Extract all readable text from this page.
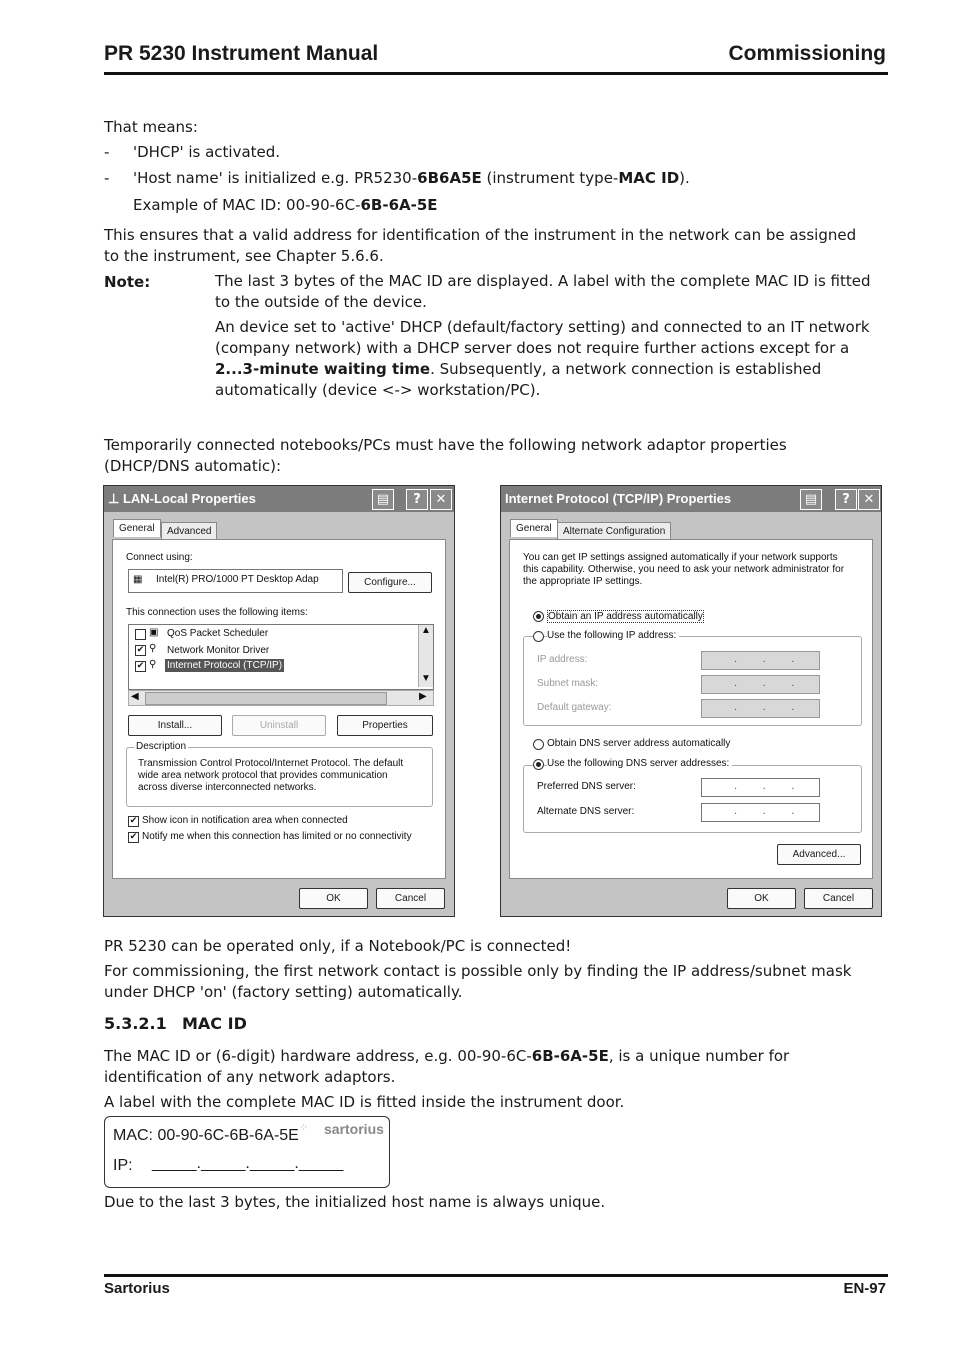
PR 5230 Instrument Manual	Commissioning
That means:
- 'DHCP' is activated.
- 'Host name' is initialized e.g. PR5230-6B6A5E (instrument type-MAC ID).
Example of MAC ID: 00-90-6C-6B-6A-5E
This ensures that a valid address for identification of the instrument in the network can be assigned to the instrument, see Chapter 5.6.6.
Note:	The last 3 bytes of the MAC ID are displayed. A label with the complete MAC ID is fitted to the outside of the device.
An device set to 'active' DHCP (default/factory setting) and connected to an IT network (company network) with a DHCP server does not require further actions except for a 2...3-minute waiting time. Subsequently, a network connection is established automatically (device <-> workstation/PC).
Temporarily connected notebooks/PCs must have the following network adaptor properties (DHCP/DNS automatic):
⊥ LAN-Local Properties	▤	?	✕
General	Advanced
Connect using:
▦ Intel(R) PRO/1000 PT Desktop Adap	Configure...
This connection uses the following items:
▣ QoS Packet Scheduler
✔ ⚲ Network Monitor Driver
✔ ⚲ Internet Protocol (TCP/IP)
▲
▼
◀	▶
Install...	Uninstall	Properties
Description
Transmission Control Protocol/Internet Protocol. The default wide area network protocol that provides communication across diverse interconnected networks.
✔ Show icon in notification area when connected
✔ Notify me when this connection has limited or no connectivity
OK	Cancel
Internet Protocol (TCP/IP) Properties	▤	?	✕
General	Alternate Configuration
You can get IP settings assigned automatically if your network supports this capability. Otherwise, you need to ask your network administrator for the appropriate IP settings.
Obtain an IP address automatically
IP address:	.        .        .
Subnet mask:	.        .        .
Default gateway:	.        .        .
Use the following IP address:
Obtain DNS server address automatically
Preferred DNS server:	.        .        .
Alternate DNS server:	.        .        .
Use the following DNS server addresses:
Advanced...
OK	Cancel
PR 5230 can be operated only, if a Notebook/PC is connected!
For commissioning, the first network contact is possible only by finding the IP address/subnet mask under DHCP 'on' (factory setting) automatically.
5.3.2.1 MAC ID
The MAC ID or (6-digit) hardware address, e.g. 00-90-6C-6B-6A-5E, is a unique number for identification of any network adaptors.
A label with the complete MAC ID is fitted inside the instrument door.
MAC: 00-90-6C-6B-6A-5E ⁘ sartorius
IP: _____._____._____._____
Due to the last 3 bytes, the initialized host name is always unique.
Sartorius	EN-97
